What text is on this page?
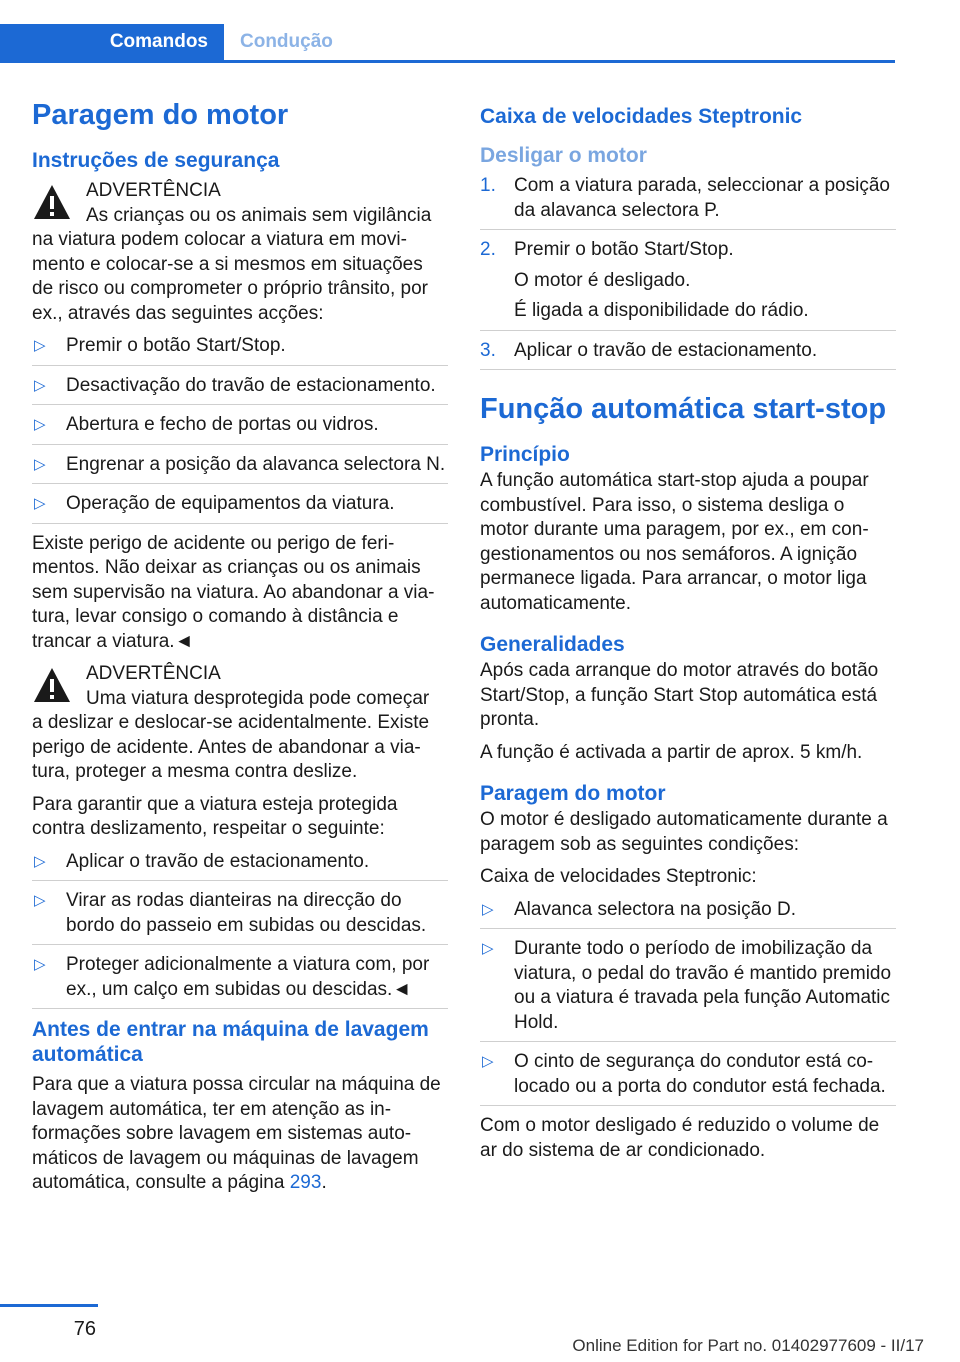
Comandos	Condução
Paragem do motor
Instruções de segurança
ADVERTÊNCIA
As crianças ou os animais sem vigilância

na viatura podem colocar a viatura em movimento e colocar-se a si mesmos em situações de risco ou comprometer o próprio trânsito, por ex., através das seguintes acções:

▷ Premir o botão Start/Stop.
▷ Desactivação do travão de estacionamento.
▷ Abertura e fecho de portas ou vidros.
▷ Engrenar a posição da alavanca selectora N.
▷ Operação de equipamentos da viatura.

Existe perigo de acidente ou perigo de ferimentos. Não deixar as crianças ou os animais sem supervisão na viatura. Ao abandonar a viatura, levar consigo o comando à distância e trancar a viatura.◄

ADVERTÊNCIA
Uma viatura desprotegida pode começar

a deslizar e deslocar-se acidentalmente. Existe perigo de acidente. Antes de abandonar a viatura, proteger a mesma contra deslize.

Para garantir que a viatura esteja protegida contra deslizamento, respeitar o seguinte:

▷ Aplicar o travão de estacionamento.
▷ Virar as rodas dianteiras na direcção do bordo do passeio em subidas ou descidas.
▷ Proteger adicionalmente a viatura com, por ex., um calço em subidas ou descidas.◄
Antes de entrar na máquina de lavagem automática

Para que a viatura possa circular na máquina de lavagem automática, ter em atenção as informações sobre lavagem em sistemas automáticos de lavagem ou máquinas de lavagem automática, consulte a página 293.

Caixa de velocidades Steptronic
Desligar o motor
1. Com a viatura parada, seleccionar a posição da alavanca selectora P.
2. Premir o botão Start/Stop.

O motor é desligado.

É ligada a disponibilidade do rádio.

3. Aplicar o travão de estacionamento.
Função automática start-stop
Princípio

A função automática start-stop ajuda a poupar combustível. Para isso, o sistema desliga o motor durante uma paragem, por ex., em congestionamentos ou nos semáforos. A ignição permanece ligada. Para arrancar, o motor liga automaticamente.

Generalidades

Após cada arranque do motor através do botão Start/Stop, a função Start Stop automática está pronta.

A função é activada a partir de aprox. 5 km/h.

Paragem do motor

O motor é desligado automaticamente durante a paragem sob as seguintes condições:

Caixa de velocidades Steptronic:

▷ Alavanca selectora na posição D.
▷ Durante todo o período de imobilização da viatura, o pedal do travão é mantido premido ou a viatura é travada pela função Automatic Hold.
▷ O cinto de segurança do condutor está colocado ou a porta do condutor está fechada.

Com o motor desligado é reduzido o volume de ar do sistema de ar condicionado.

76
Online Edition for Part no. 01402977609 - II/17
